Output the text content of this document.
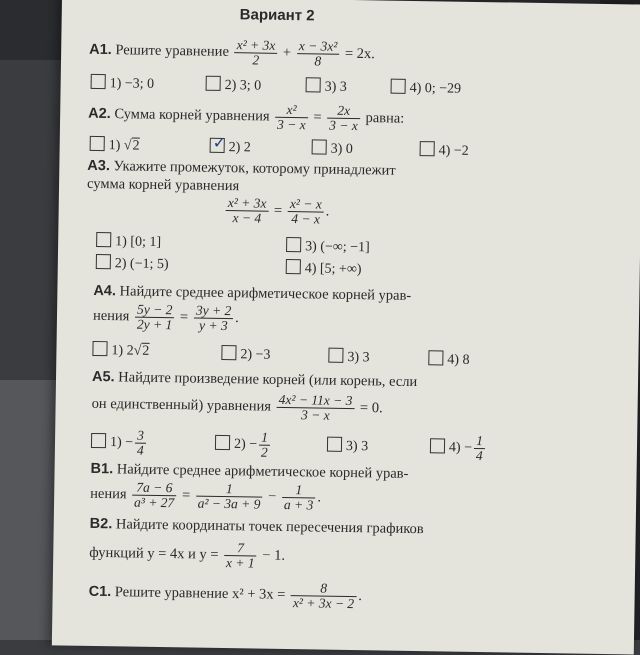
Вариант 2
А1. Решите уравнение $\frac{\text{x² + 3x}}{2} + \frac{\text{x − 3x²}}{8} = 2x$.
1) −3; 0	2) 3; 0	3) 3	4) 0; −29
А2. Сумма корней уравнения $\frac{\text{x²}}{3 - x} = \frac{2x}{3 - x}$ равна:
1) √2	✓ 2) 2	3) 0	4) −2
А3. Укажите промежуток, которому принадлежит
сумма корней уравнения
$\frac{\text{x² + 3x}}{x - 4} = \frac{\text{x² − x}}{4 - x}$ .
1) [0; 1]	3) (−∞; −1]
2) (−1; 5)	4) [5; +∞)
А4. Найдите среднее арифметическое корней урав-
нения $\frac{5y - 2}{2y + 1} = \frac{3y + 2}{y + 3}$ .
1) 2√2	2) −3	3) 3	4) 8
А5. Найдите произведение корней (или корень, если
он единственный) уравнения $\frac{\text{4x² − 11x − 3}}{3 - x} = 0$.
$1) - \frac{3}{4}$	$2) - \frac{1}{2}$	3) 3	$4) - \frac{1}{4}$
В1. Найдите среднее арифметическое корней урав-
нения $\frac{7a - 6}{\text{a³ + 27}} = \frac{1}{\text{a² − 3a + 9}} - \frac{1}{a + 3}$ .
В2. Найдите координаты точек пересечения графиков
функций y = 4x и $y = \frac{7}{x + 1} - 1$.
С1. Решите уравнение $x^2 + 3x = \frac{8}{\text{x² + 3x − 2}}$ .
